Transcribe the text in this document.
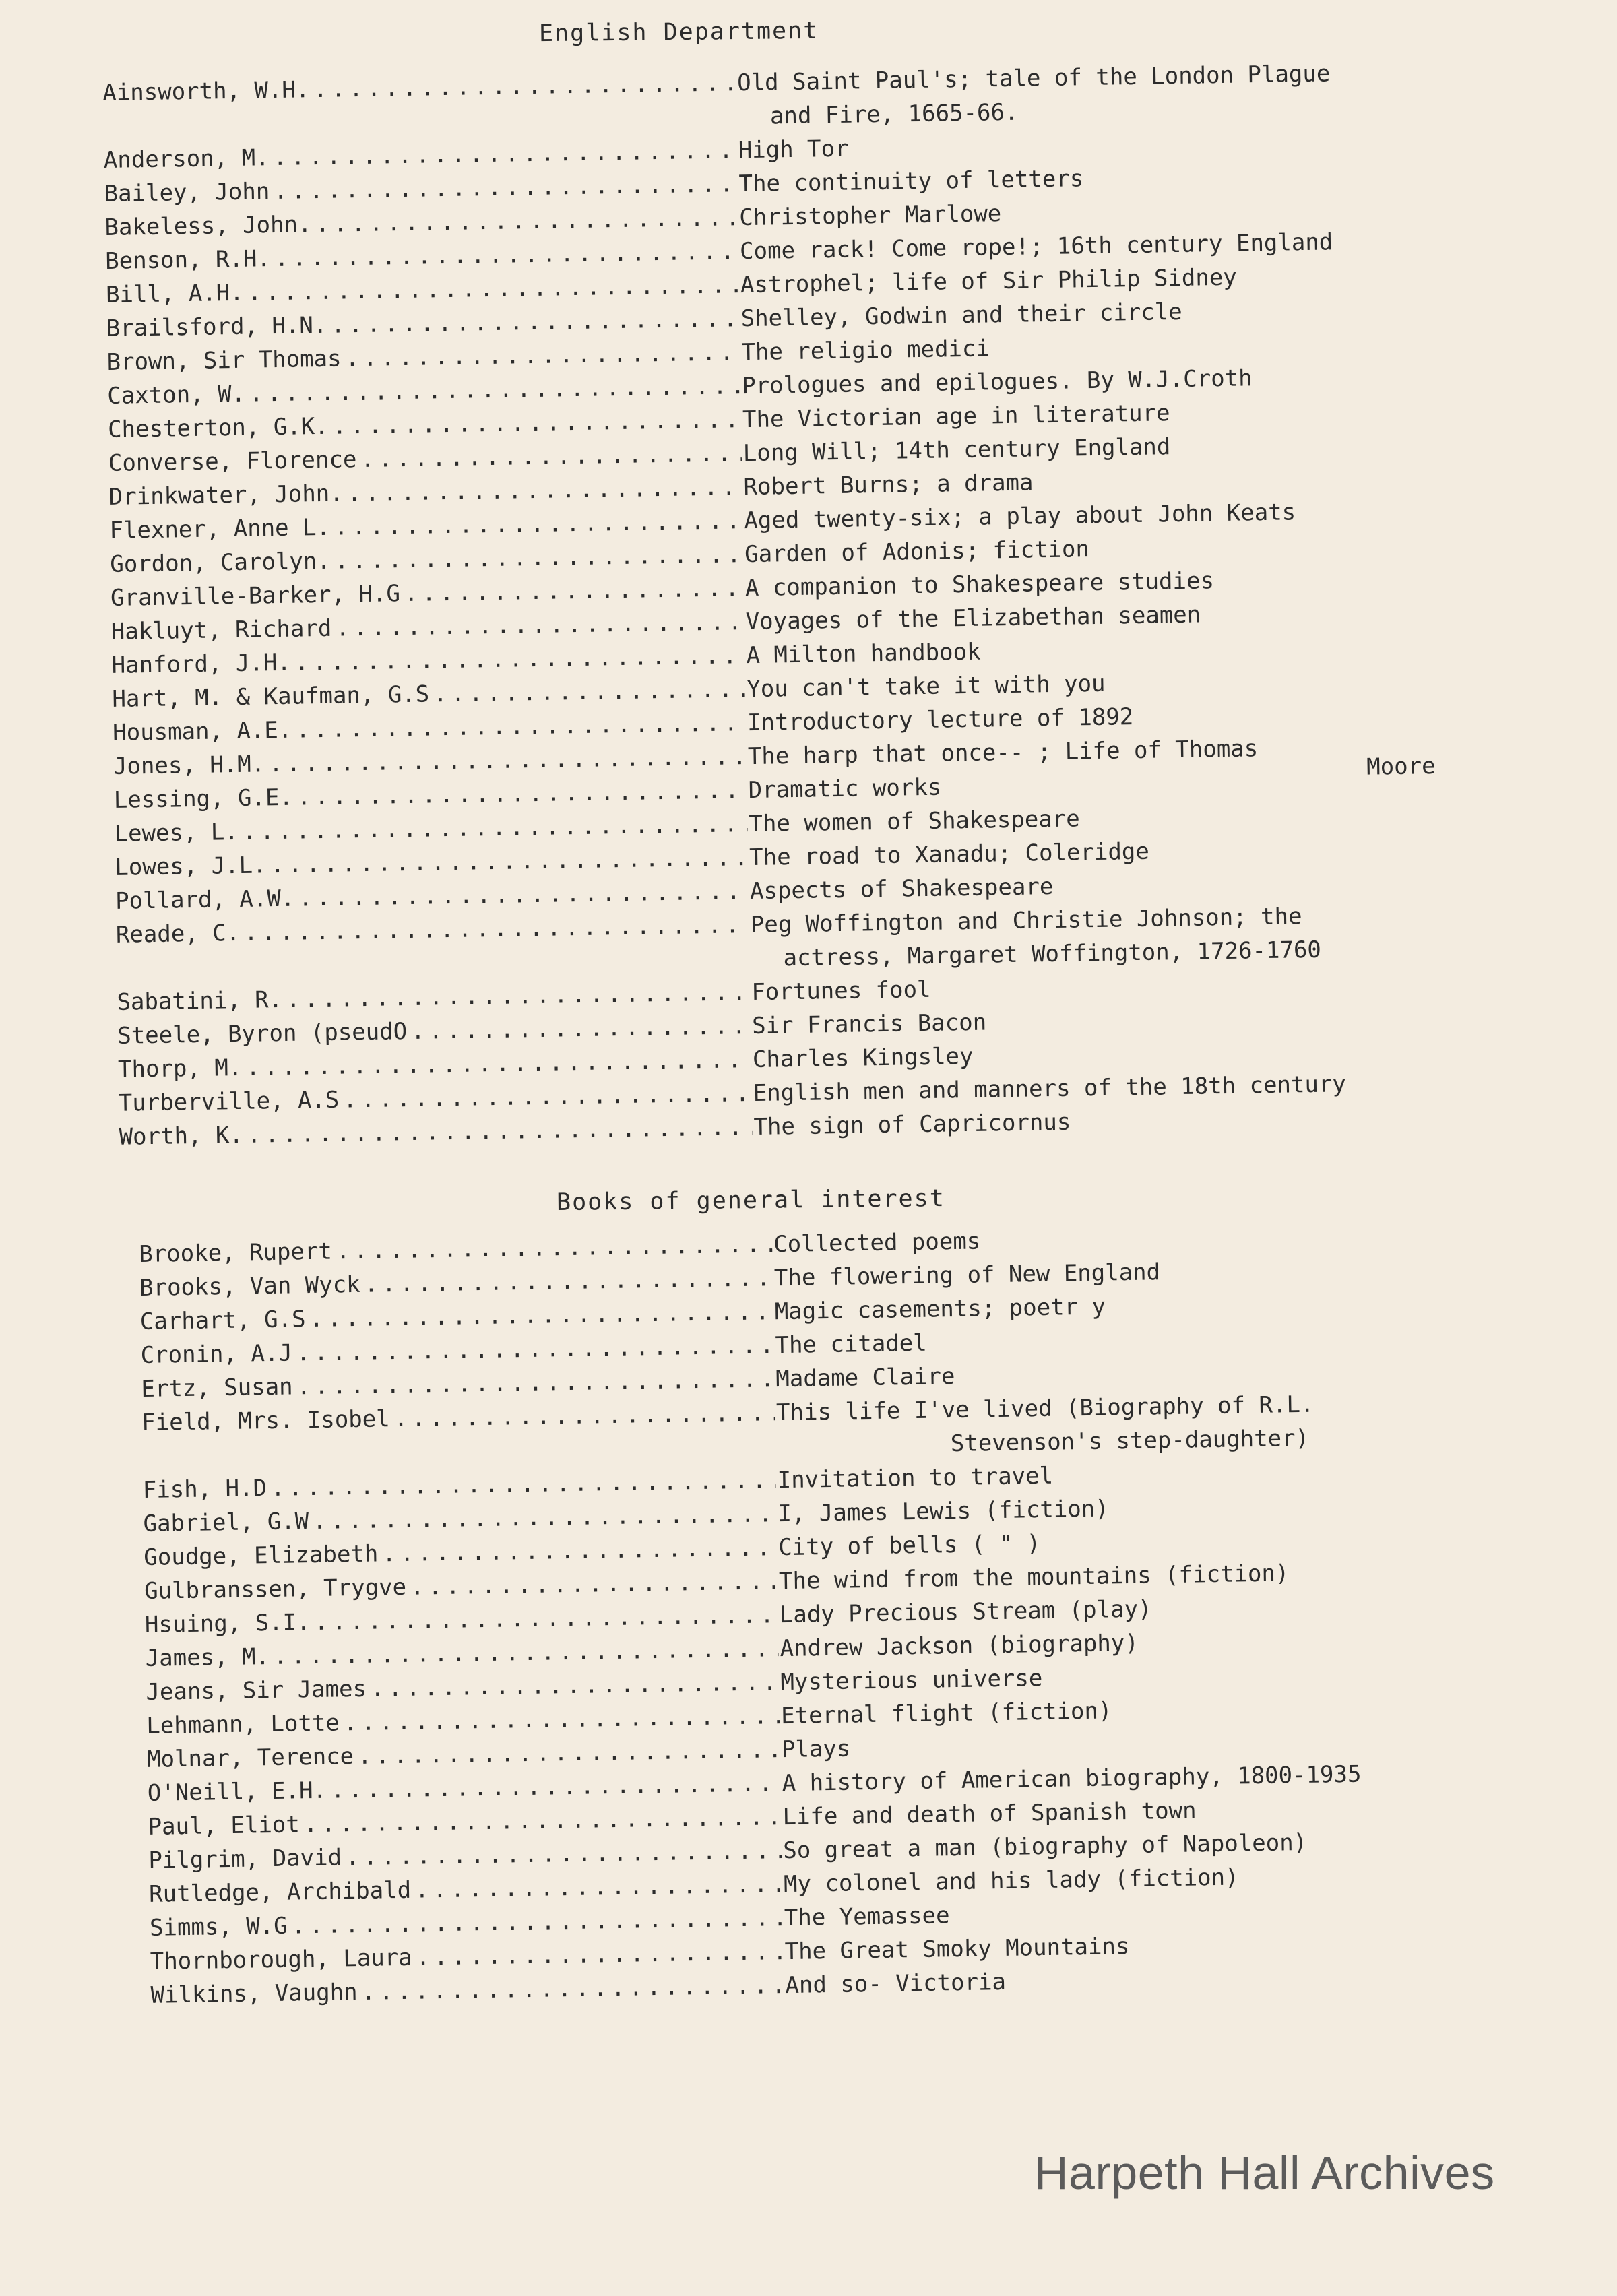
English Department
Ainsworth, W.H. .....	Old Saint Paul's; tale of the London Plague
and Fire, 1665-66.
Anderson, M. .....	High Tor
Bailey, John .....	The continuity of letters
Bakeless, John. .....	Christopher Marlowe
Benson, R.H. .....	Come rack! Come rope!; 16th century England
Bill, A.H. .....	Astrophel; life of Sir Philip Sidney
Brailsford, H.N. .....	Shelley, Godwin and their circle
Brown, Sir Thomas .....	The religio medici
Caxton, W. .....	Prologues and epilogues. By W.J.Croth
Chesterton, G.K. .....	The Victorian age in literature
Converse, Florence .....	Long Will; 14th century England
Drinkwater, John. .....	Robert Burns; a drama
Flexner, Anne L. .....	Aged twenty-six; a play about John Keats
Gordon, Carolyn. .....	Garden of Adonis; fiction
Granville-Barker, H.G .....	A companion to Shakespeare studies
Hakluyt, Richard .....	Voyages of the Elizabethan seamen
Hanford, J.H. .....	A Milton handbook
Hart, M. & Kaufman, G.S .....	You can't take it with you
Housman, A.E. .....	Introductory lecture of 1892
Jones, H.M. .....	The harp that once-- ; Life of Thomas	Moore
Lessing, G.E. .....	Dramatic works
Lewes, L. .....	The women of Shakespeare
Lowes, J.L. .....	The road to Xanadu; Coleridge
Pollard, A.W. .....	Aspects of Shakespeare
Reade, C. .....	Peg Woffington and Christie Johnson; the
actress, Margaret Woffington, 1726-1760
Sabatini, R. .....	Fortunes fool
Steele, Byron (pseudO .....	Sir Francis Bacon
Thorp, M. .....	Charles Kingsley
Turberville, A.S .....	English men and manners of the 18th century
Worth, K. .....	The sign of Capricornus
Books of general interest
Brooke, Rupert .....	Collected poems
Brooks, Van Wyck .....	The flowering of New England
Carhart, G.S .....	Magic casements; poetr y
Cronin, A.J .....	The citadel
Ertz, Susan .....	Madame Claire
Field, Mrs. Isobel .....	This life I've lived (Biography of R.L.
Stevenson's step-daughter)
Fish, H.D .....	Invitation to travel
Gabriel, G.W .....	I, James Lewis (fiction)
Goudge, Elizabeth .....	City of bells ( " )
Gulbranssen, Trygve .....	The wind from the mountains (fiction)
Hsuing, S.I. .....	Lady Precious Stream (play)
James, M. .....	Andrew Jackson (biography)
Jeans, Sir James .....	Mysterious universe
Lehmann, Lotte .....	Eternal flight (fiction)
Molnar, Terence .....	Plays
O'Neill, E.H. .....	A history of American biography, 1800-1935
Paul, Eliot .....	Life and death of Spanish town
Pilgrim, David .....	So great a man (biography of Napoleon)
Rutledge, Archibald .....	My colonel and his lady (fiction)
Simms, W.G .....	The Yemassee
Thornborough, Laura .....	The Great Smoky Mountains
Wilkins, Vaughn .....	And so- Victoria
Harpeth Hall Archives
